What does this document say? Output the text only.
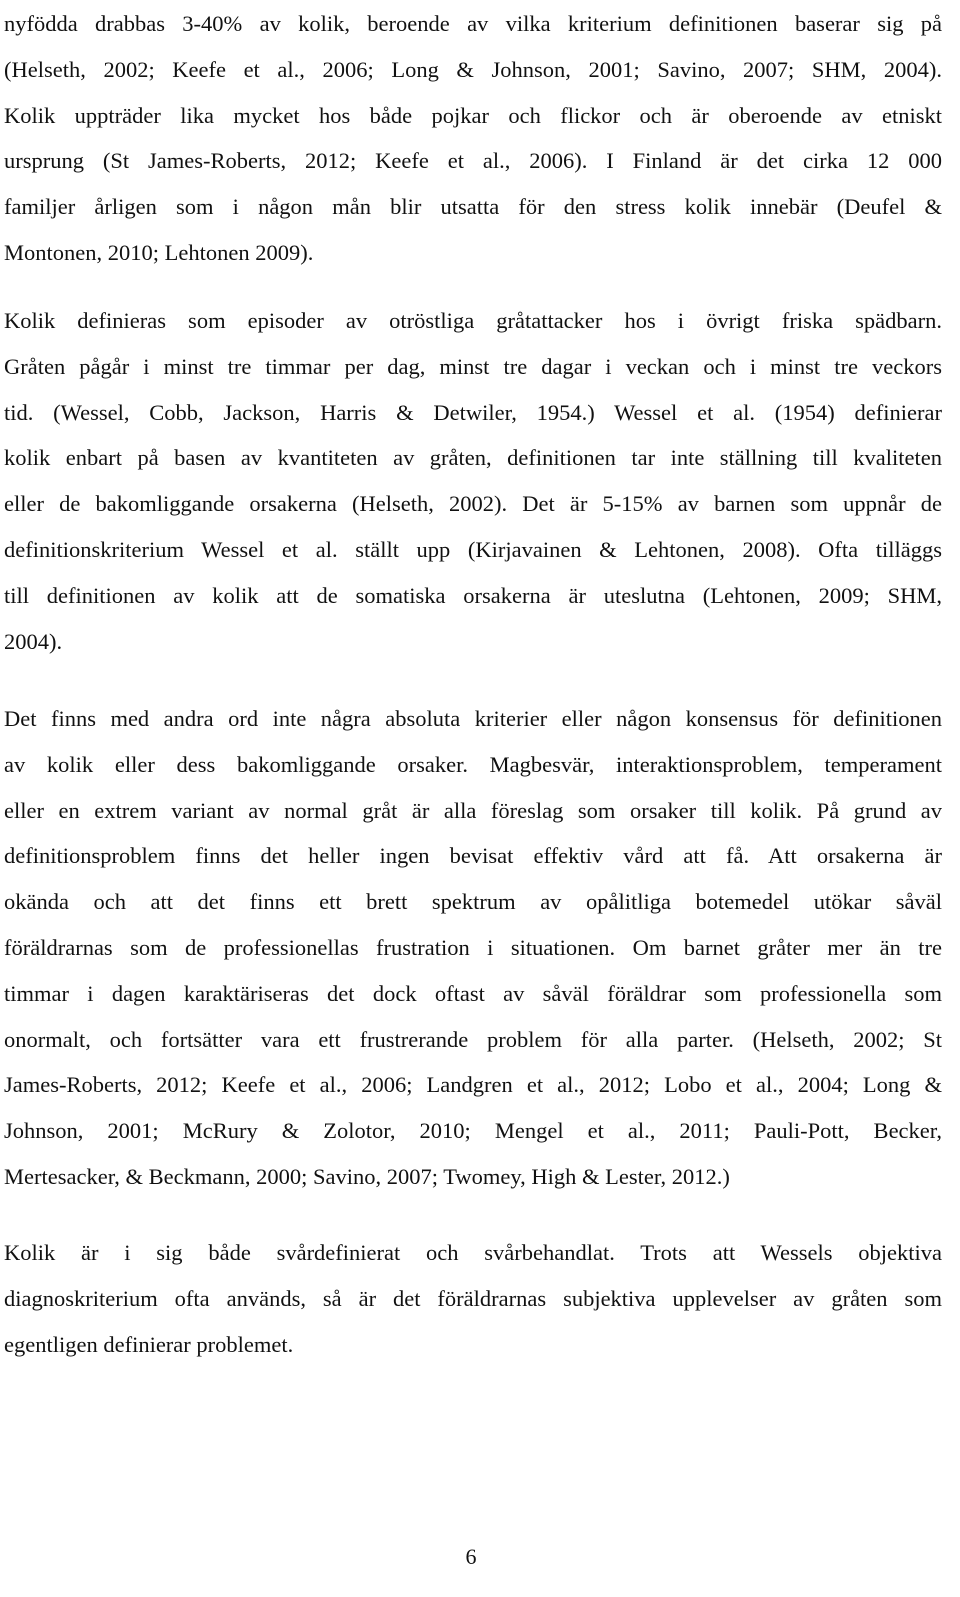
nyfödda drabbas 3-40% av kolik, beroende av vilka kriterium definitionen baserar sig på
(Helseth, 2002; Keefe et al., 2006; Long & Johnson, 2001; Savino, 2007; SHM, 2004).
Kolik uppträder lika mycket hos både pojkar och flickor och är oberoende av etniskt
ursprung (St James-Roberts, 2012; Keefe et al., 2006). I Finland är det cirka 12 000
familjer årligen som i någon mån blir utsatta för den stress kolik innebär (Deufel &
Montonen, 2010; Lehtonen 2009).
Kolik definieras som episoder av otröstliga gråtattacker hos i övrigt friska spädbarn.
Gråten pågår i minst tre timmar per dag, minst tre dagar i veckan och i minst tre veckors
tid. (Wessel, Cobb, Jackson, Harris & Detwiler, 1954.) Wessel et al. (1954) definierar
kolik enbart på basen av kvantiteten av gråten, definitionen tar inte ställning till kvaliteten
eller de bakomliggande orsakerna (Helseth, 2002). Det är 5-15% av barnen som uppnår de
definitionskriterium Wessel et al. ställt upp (Kirjavainen & Lehtonen, 2008). Ofta tilläggs
till definitionen av kolik att de somatiska orsakerna är uteslutna (Lehtonen, 2009; SHM,
2004).
Det finns med andra ord inte några absoluta kriterier eller någon konsensus för definitionen
av kolik eller dess bakomliggande orsaker. Magbesvär, interaktionsproblem, temperament
eller en extrem variant av normal gråt är alla föreslag som orsaker till kolik. På grund av
definitionsproblem finns det heller ingen bevisat effektiv vård att få. Att orsakerna är
okända och att det finns ett brett spektrum av opålitliga botemedel utökar såväl
föräldrarnas som de professionellas frustration i situationen. Om barnet gråter mer än tre
timmar i dagen karaktäriseras det dock oftast av såväl föräldrar som professionella som
onormalt, och fortsätter vara ett frustrerande problem för alla parter. (Helseth, 2002; St
James-Roberts, 2012; Keefe et al., 2006; Landgren et al., 2012; Lobo et al., 2004; Long &
Johnson, 2001; McRury & Zolotor, 2010; Mengel et al., 2011; Pauli-Pott, Becker,
Mertesacker, & Beckmann, 2000; Savino, 2007; Twomey, High & Lester, 2012.)
Kolik är i sig både svårdefinierat och svårbehandlat. Trots att Wessels objektiva
diagnoskriterium ofta används, så är det föräldrarnas subjektiva upplevelser av gråten som
egentligen definierar problemet.
6
